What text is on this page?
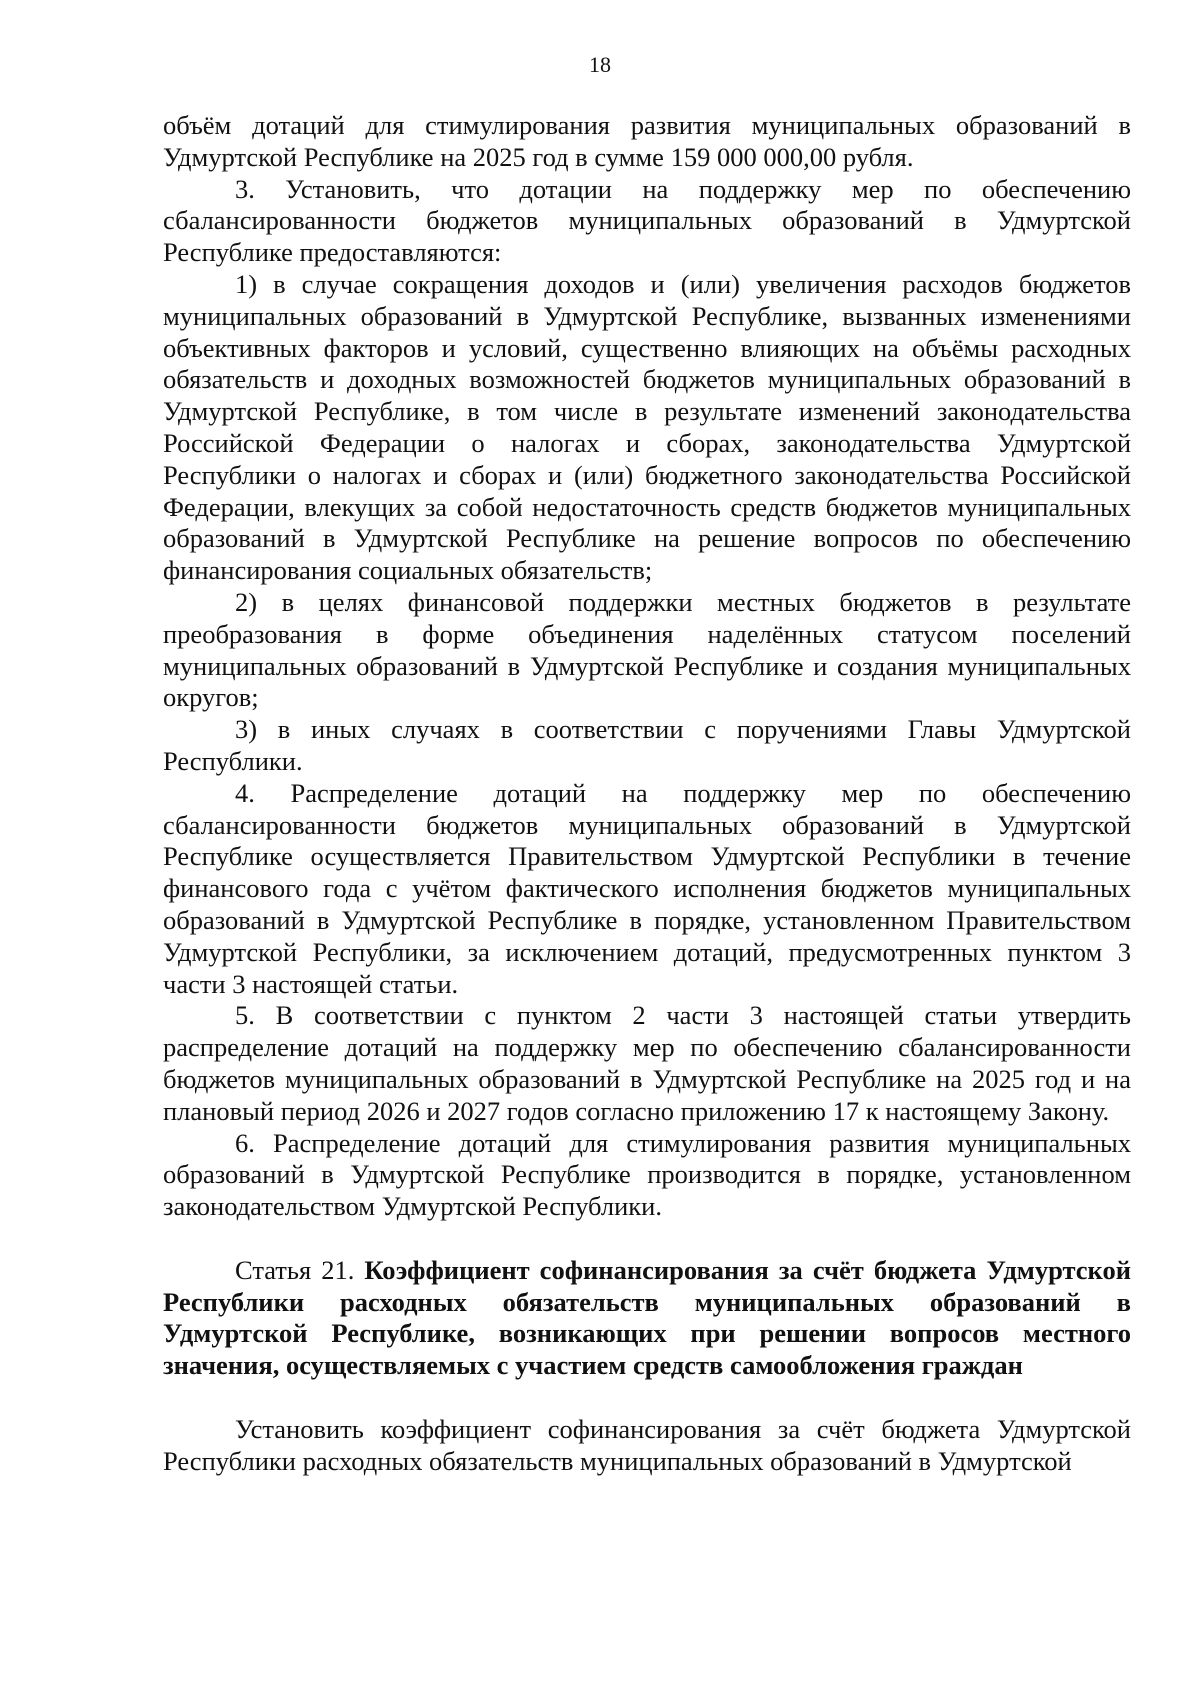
18

объём дотаций для стимулирования развития муниципальных образований в Удмуртской Республике на 2025 год в сумме 159 000 000,00 рубля.

3. Установить, что дотации на поддержку мер по обеспечению сбалансированности бюджетов муниципальных образований в Удмуртской Республике предоставляются:

1) в случае сокращения доходов и (или) увеличения расходов бюджетов муниципальных образований в Удмуртской Республике, вызванных изменениями объективных факторов и условий, существенно влияющих на объёмы расходных обязательств и доходных возможностей бюджетов муниципальных образований в Удмуртской Республике, в том числе в результате изменений законодательства Российской Федерации о налогах и сборах, законодательства Удмуртской Республики о налогах и сборах и (или) бюджетного законодательства Российской Федерации, влекущих за собой недостаточность средств бюджетов муниципальных образований в Удмуртской Республике на решение вопросов по обеспечению финансирования социальных обязательств;

2) в целях финансовой поддержки местных бюджетов в результате преобразования в форме объединения наделённых статусом поселений муниципальных образований в Удмуртской Республике и создания муниципальных округов;

3) в иных случаях в соответствии с поручениями Главы Удмуртской Республики.

4. Распределение дотаций на поддержку мер по обеспечению сбалансированности бюджетов муниципальных образований в Удмуртской Республике осуществляется Правительством Удмуртской Республики в течение финансового года с учётом фактического исполнения бюджетов муниципальных образований в Удмуртской Республике в порядке, установленном Правительством Удмуртской Республики, за исключением дотаций, предусмотренных пунктом 3 части 3 настоящей статьи.

5. В соответствии с пунктом 2 части 3 настоящей статьи утвердить распределение дотаций на поддержку мер по обеспечению сбалансированности бюджетов муниципальных образований в Удмуртской Республике на 2025 год и на плановый период 2026 и 2027 годов согласно приложению 17 к настоящему Закону.

6. Распределение дотаций для стимулирования развития муниципальных образований в Удмуртской Республике производится в порядке, установленном законодательством Удмуртской Республики.

Статья 21. Коэффициент софинансирования за счёт бюджета Удмуртской Республики расходных обязательств муниципальных образований в Удмуртской Республике, возникающих при решении вопросов местного значения, осуществляемых с участием средств самообложения граждан

Установить коэффициент софинансирования за счёт бюджета Удмуртской Республики расходных обязательств муниципальных образований в Удмуртской
